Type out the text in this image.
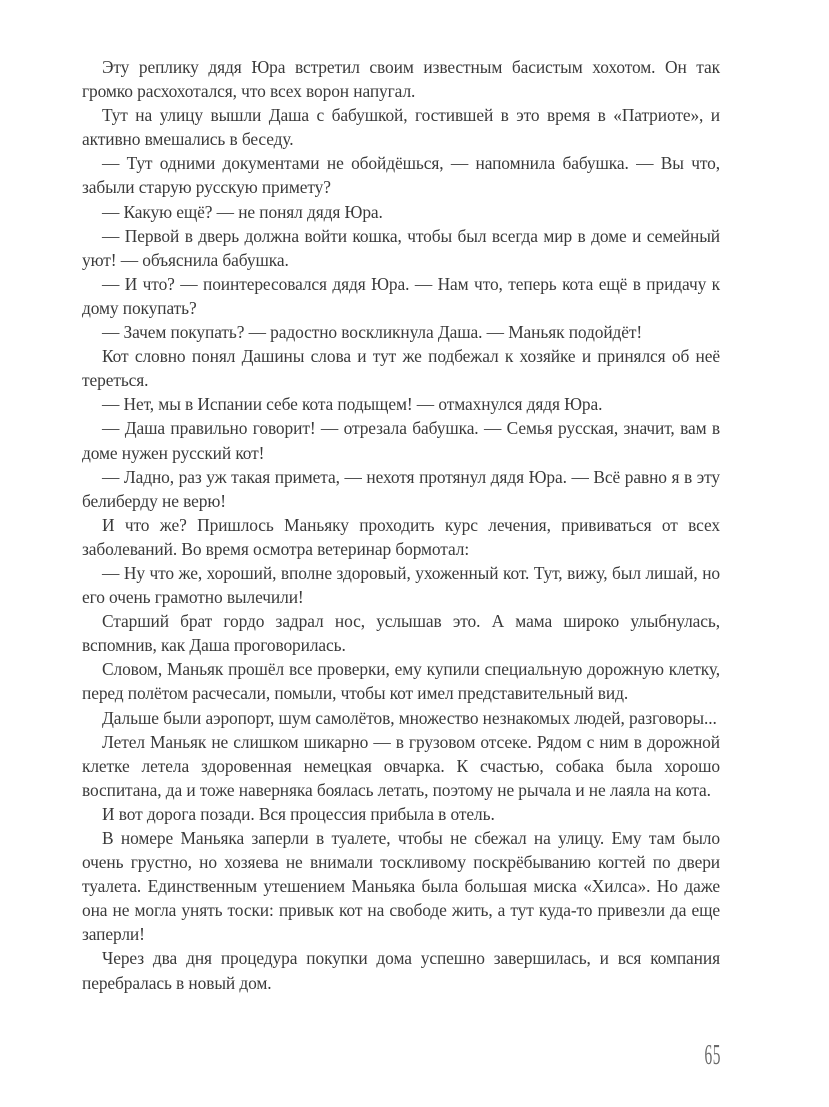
Эту реплику дядя Юра встретил своим известным басистым хохотом. Он так громко расхохотался, что всех ворон напугал.

Тут на улицу вышли Даша с бабушкой, гостившей в это время в «Патриоте», и активно вмешались в беседу.

— Тут одними документами не обойдёшься, — напомнила бабушка. — Вы что, забыли старую русскую примету?

— Какую ещё? — не понял дядя Юра.

— Первой в дверь должна войти кошка, чтобы был всегда мир в доме и семейный уют! — объяснила бабушка.

— И что? — поинтересовался дядя Юра. — Нам что, теперь кота ещё в придачу к дому покупать?

— Зачем покупать? — радостно воскликнула Даша. — Маньяк подойдёт!

Кот словно понял Дашины слова и тут же подбежал к хозяйке и принялся об неё тереться.

— Нет, мы в Испании себе кота подыщем! — отмахнулся дядя Юра.

— Даша правильно говорит! — отрезала бабушка. — Семья русская, значит, вам в доме нужен русский кот!

— Ладно, раз уж такая примета, — нехотя протянул дядя Юра. — Всё равно я в эту белиберду не верю!

И что же? Пришлось Маньяку проходить курс лечения, прививаться от всех заболеваний. Во время осмотра ветеринар бормотал:

— Ну что же, хороший, вполне здоровый, ухоженный кот. Тут, вижу, был лишай, но его очень грамотно вылечили!

Старший брат гордо задрал нос, услышав это. А мама широко улыбнулась, вспомнив, как Даша проговорилась.

Словом, Маньяк прошёл все проверки, ему купили специальную дорожную клетку, перед полётом расчесали, помыли, чтобы кот имел представительный вид.

Дальше были аэропорт, шум самолётов, множество незнакомых людей, разговоры...

Летел Маньяк не слишком шикарно — в грузовом отсеке. Рядом с ним в дорожной клетке летела здоровенная немецкая овчарка. К счастью, собака была хорошо воспитана, да и тоже наверняка боялась летать, поэтому не рычала и не лаяла на кота.

И вот дорога позади. Вся процессия прибыла в отель.

В номере Маньяка заперли в туалете, чтобы не сбежал на улицу. Ему там было очень грустно, но хозяева не внимали тоскливому поскрёбыванию когтей по двери туалета. Единственным утешением Маньяка была большая миска «Хилса». Но даже она не могла унять тоски: привык кот на свободе жить, а тут куда-то привезли да еще заперли!

Через два дня процедура покупки дома успешно завершилась, и вся компания перебралась в новый дом.

65
